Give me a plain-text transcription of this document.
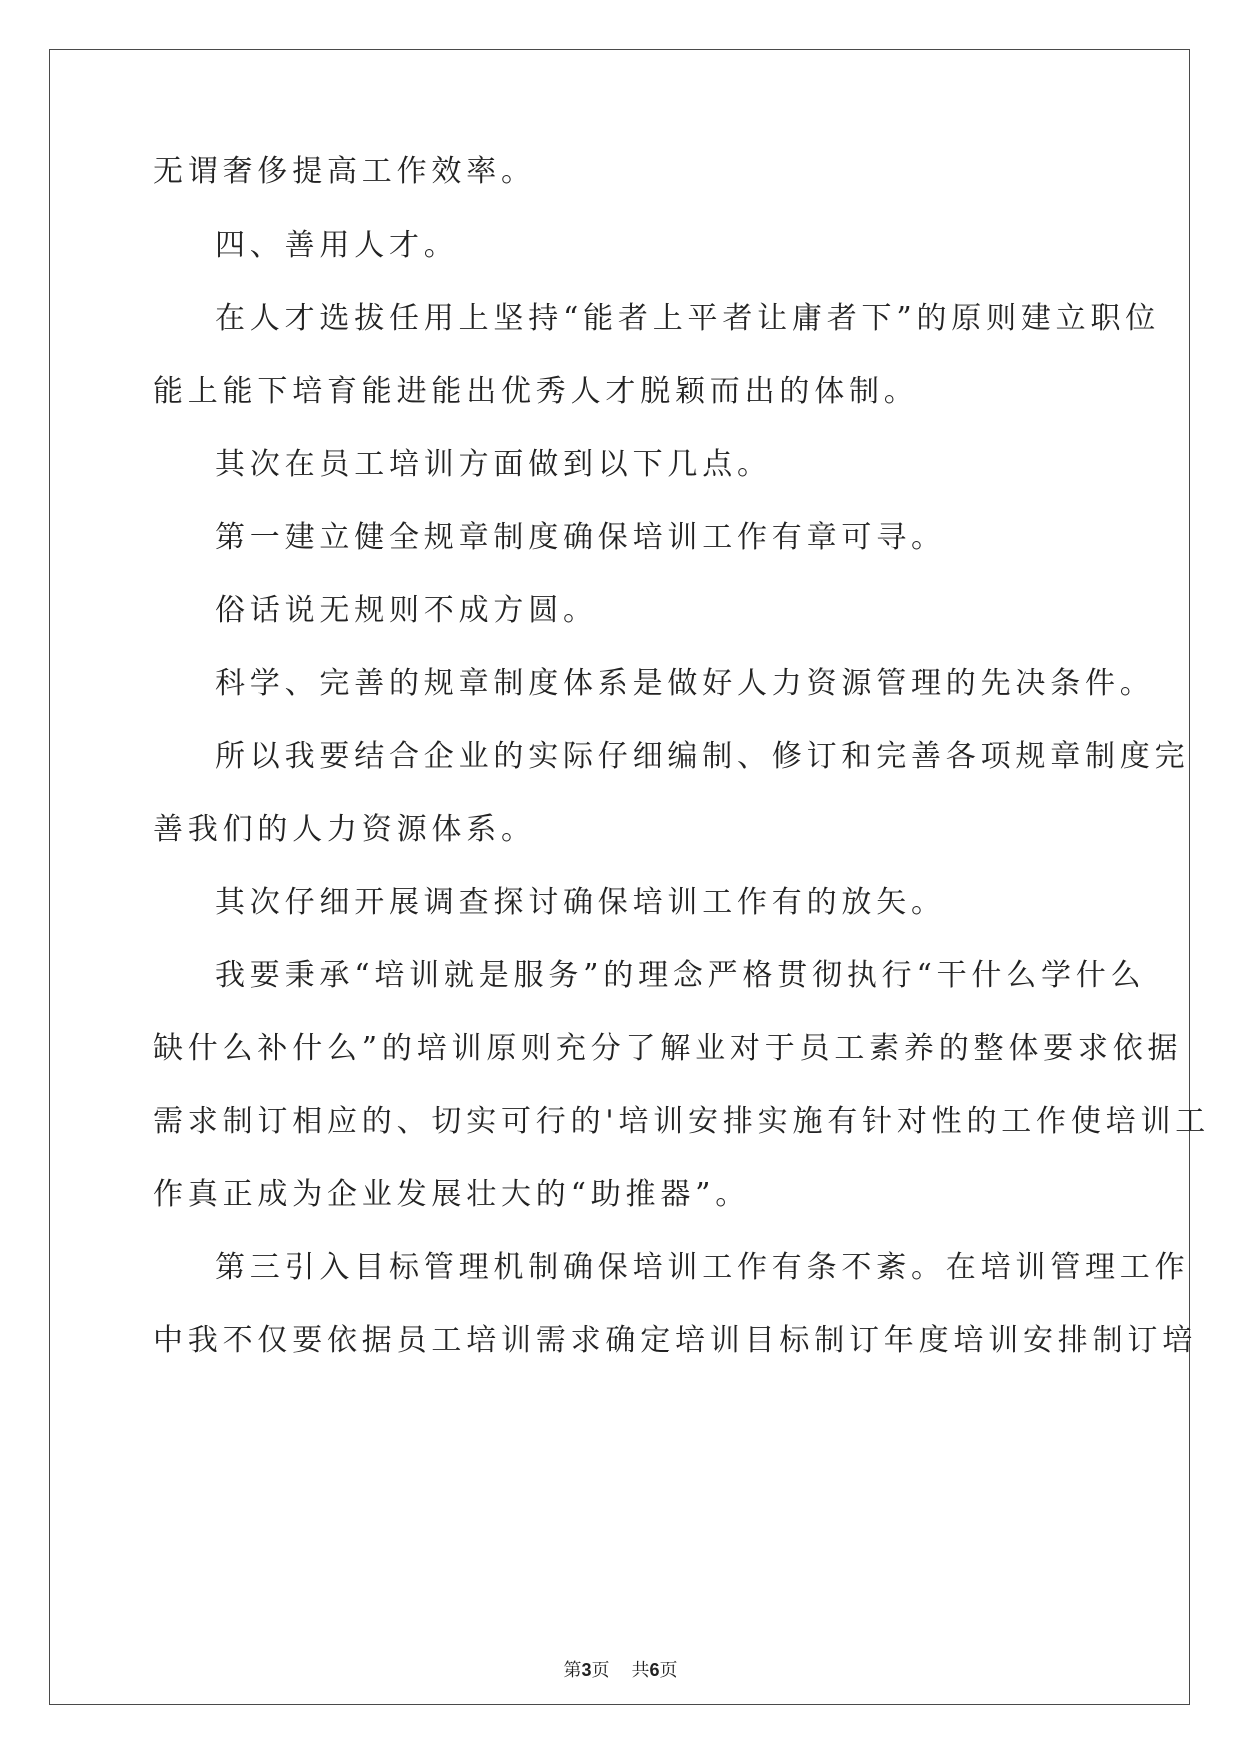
无谓奢侈提高工作效率。
四、善用人才。
在人才选拔任用上坚持“能者上平者让庸者下”的原则建立职位
能上能下培育能进能出优秀人才脱颖而出的体制。
其次在员工培训方面做到以下几点。
第一建立健全规章制度确保培训工作有章可寻。
俗话说无规则不成方圆。
科学、完善的规章制度体系是做好人力资源管理的先决条件。
所以我要结合企业的实际仔细编制、修订和完善各项规章制度完
善我们的人力资源体系。
其次仔细开展调查探讨确保培训工作有的放矢。
我要秉承“培训就是服务”的理念严格贯彻执行“干什么学什么
缺什么补什么”的培训原则充分了解业对于员工素养的整体要求依据
需求制订相应的、切实可行的'培训安排实施有针对性的工作使培训工
作真正成为企业发展壮大的“助推器”。
第三引入目标管理机制确保培训工作有条不紊。在培训管理工作
中我不仅要依据员工培训需求确定培训目标制订年度培训安排制订培
第3页 共6页
